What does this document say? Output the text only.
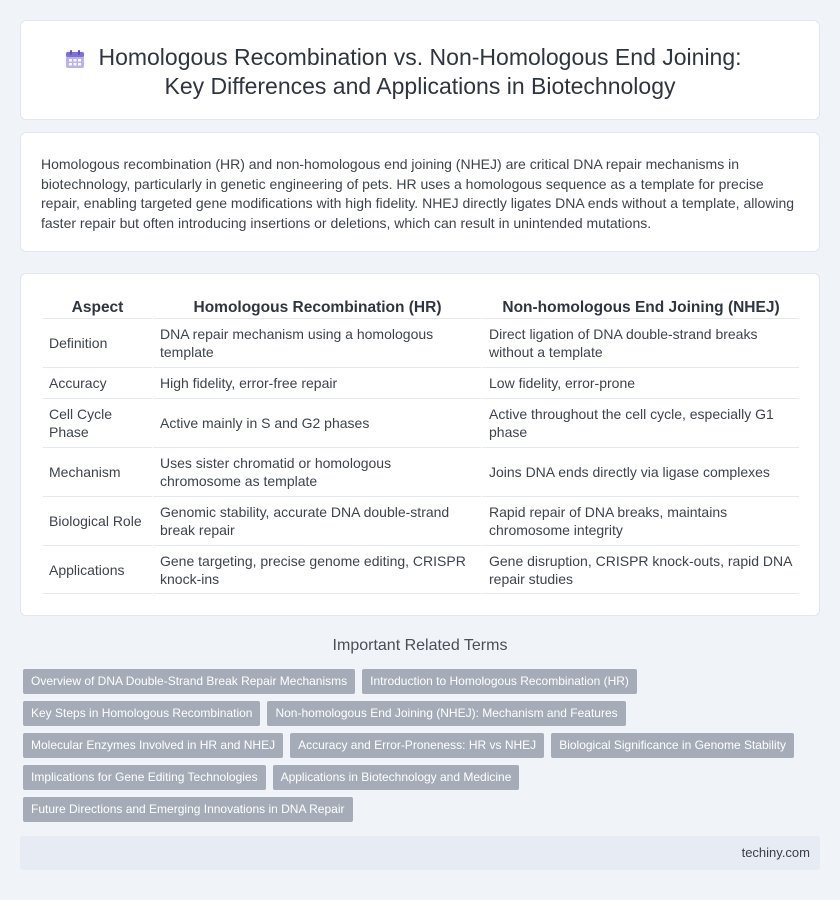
Homologous Recombination vs. Non-Homologous End Joining:
Key Differences and Applications in Biotechnology

Homologous recombination (HR) and non-homologous end joining (NHEJ) are critical DNA repair mechanisms in biotechnology, particularly in genetic engineering of pets. HR uses a homologous sequence as a template for precise repair, enabling targeted gene modifications with high fidelity. NHEJ directly ligates DNA ends without a template, allowing faster repair but often introducing insertions or deletions, which can result in unintended mutations.

Aspect	Homologous Recombination (HR)	Non-homologous End Joining (NHEJ)
Definition	DNA repair mechanism using a homologous template	Direct ligation of DNA double-strand breaks without a template
Accuracy	High fidelity, error-free repair	Low fidelity, error-prone
Cell Cycle Phase	Active mainly in S and G2 phases	Active throughout the cell cycle, especially G1 phase
Mechanism	Uses sister chromatid or homologous chromosome as template	Joins DNA ends directly via ligase complexes
Biological Role	Genomic stability, accurate DNA double-strand break repair	Rapid repair of DNA breaks, maintains chromosome integrity
Applications	Gene targeting, precise genome editing, CRISPR knock-ins	Gene disruption, CRISPR knock-outs, rapid DNA repair studies
Important Related Terms
Overview of DNA Double-Strand Break Repair Mechanisms	Introduction to Homologous Recombination (HR)
Key Steps in Homologous Recombination	Non-homologous End Joining (NHEJ): Mechanism and Features
Molecular Enzymes Involved in HR and NHEJ	Accuracy and Error-Proneness: HR vs NHEJ	Biological Significance in Genome Stability
Implications for Gene Editing Technologies	Applications in Biotechnology and Medicine
Future Directions and Emerging Innovations in DNA Repair
techiny.com
